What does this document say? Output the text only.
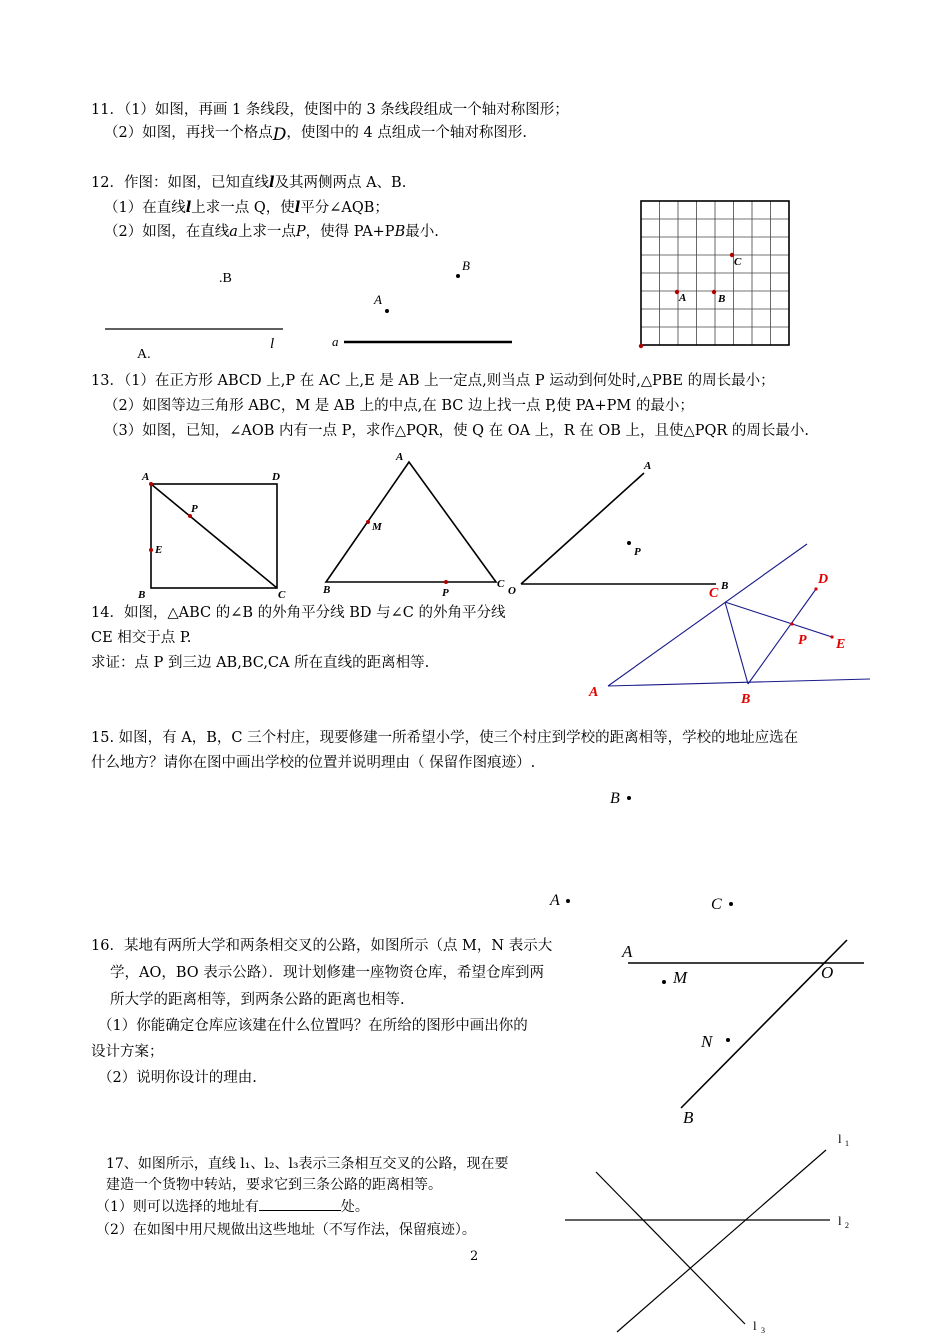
11．（1）如图，再画 1 条线段，使图中的 3 条线段组成一个轴对称图形；
（2）如图，再找一个格点D，使图中的 4 点组成一个轴对称图形.
12．作图：如图，已知直线l及其两侧两点 A、B.
（1）在直线l上求一点 Q，使l平分∠AQB；
（2）如图，在直线a上求一点P，使得 PA+PB最小.
13．（1）在正方形 ABCD 上,P 在 AC 上,E 是 AB 上一定点,则当点 P 运动到何处时,△PBE 的周长最小；
（2）如图等边三角形 ABC，M 是 AB 上的中点,在 BC 边上找一点 P,使 PA+PM 的最小；
（3）如图，已知，∠AOB 内有一点 P，求作△PQR，使 Q 在 OA 上，R 在 OB 上，且使△PQR 的周长最小.
14．如图，△ABC 的∠B 的外角平分线 BD 与∠C 的外角平分线
CE 相交于点 P.
求证：点 P 到三边 AB,BC,CA 所在直线的距离相等.
15. 如图，有 A，B，C 三个村庄，现要修建一所希望小学，使三个村庄到学校的距离相等，学校的地址应选在
什么地方？请你在图中画出学校的位置并说明理由（ 保留作图痕迹）.
16．某地有两所大学和两条相交叉的公路，如图所示（点 M，N 表示大
学，AO，BO 表示公路）．现计划修建一座物资仓库，希望仓库到两
所大学的距离相等，到两条公路的距离也相等.
（1）你能确定仓库应该建在什么位置吗？在所给的图形中画出你的
设计方案；
（2）说明你设计的理由.
17、如图所示，直线 l₁、l₂、l₃表示三条相互交叉的公路，现在要
建造一个货物中转站，要求它到三条公路的距离相等。
（1）则可以选择的地址有	处。
（2）在如图中用尺规做出这些地址（不写作法，保留痕迹）。
2
C
A	B
.B
A.
l
B
A
a
A	D
P
E
B	C
A
M
B	P
C
A
P
O	B
C
D
P E
A	B
B
A	C
A
M	O
N
B
l 1
l 2
l 3
